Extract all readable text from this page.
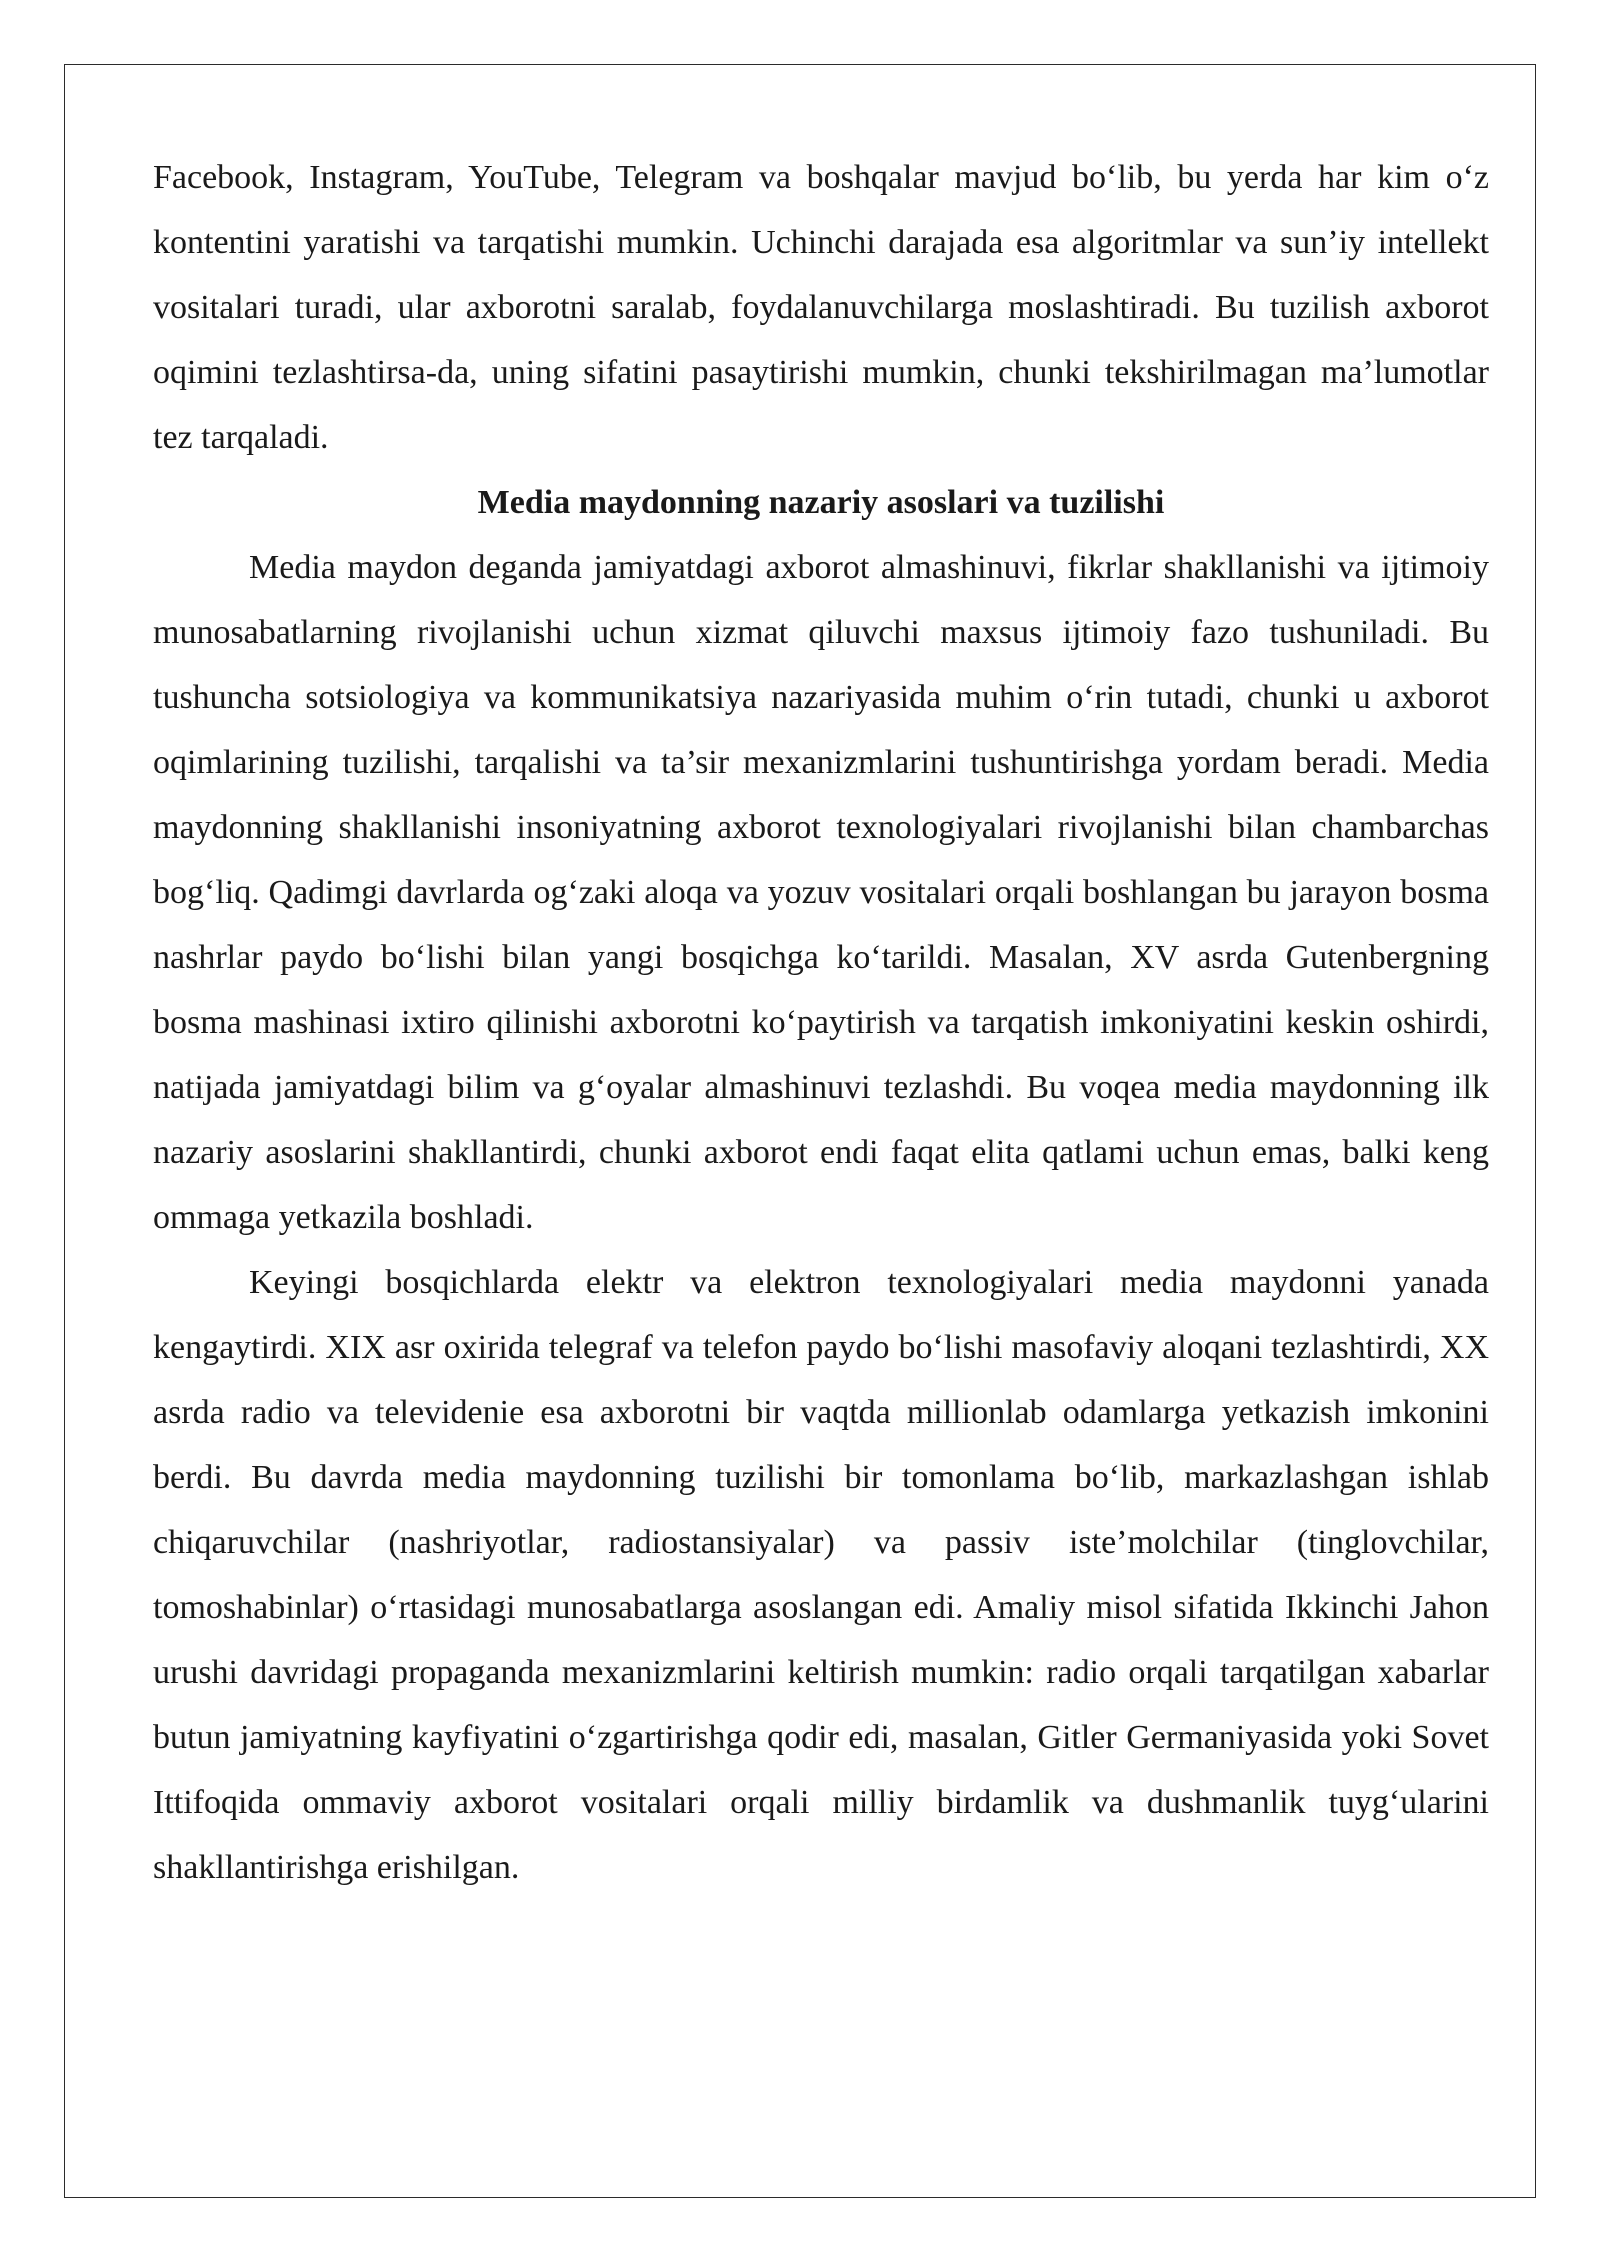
Facebook, Instagram, YouTube, Telegram va boshqalar mavjud bo‘lib, bu yerda har kim o‘z kontentini yaratishi va tarqatishi mumkin. Uchinchi darajada esa algoritmlar va sun’iy intellekt vositalari turadi, ular axborotni saralab, foydalanuvchilarga moslashtiradi. Bu tuzilish axborot oqimini tezlashtirsa-da, uning sifatini pasaytirishi mumkin, chunki tekshirilmagan ma’lumotlar tez tarqaladi.

Media maydonning nazariy asoslari va tuzilishi

Media maydon deganda jamiyatdagi axborot almashinuvi, fikrlar shakllanishi va ijtimoiy munosabatlarning rivojlanishi uchun xizmat qiluvchi maxsus ijtimoiy fazo tushuniladi. Bu tushuncha sotsiologiya va kommunikatsiya nazariyasida muhim o‘rin tutadi, chunki u axborot oqimlarining tuzilishi, tarqalishi va ta’sir mexanizmlarini tushuntirishga yordam beradi. Media maydonning shakllanishi insoniyatning axborot texnologiyalari rivojlanishi bilan chambarchas bog‘liq. Qadimgi davrlarda og‘zaki aloqa va yozuv vositalari orqali boshlangan bu jarayon bosma nashrlar paydo bo‘lishi bilan yangi bosqichga ko‘tarildi. Masalan, XV asrda Gutenbergning bosma mashinasi ixtiro qilinishi axborotni ko‘paytirish va tarqatish imkoniyatini keskin oshirdi, natijada jamiyatdagi bilim va g‘oyalar almashinuvi tezlashdi. Bu voqea media maydonning ilk nazariy asoslarini shakllantirdi, chunki axborot endi faqat elita qatlami uchun emas, balki keng ommaga yetkazila boshladi.

Keyingi bosqichlarda elektr va elektron texnologiyalari media maydonni yanada kengaytirdi. XIX asr oxirida telegraf va telefon paydo bo‘lishi masofaviy aloqani tezlashtirdi, XX asrda radio va televidenie esa axborotni bir vaqtda millionlab odamlarga yetkazish imkonini berdi. Bu davrda media maydonning tuzilishi bir tomonlama bo‘lib, markazlashgan ishlab chiqaruvchilar (nashriyotlar, radiostansiyalar) va passiv iste’molchilar (tinglovchilar, tomoshabinlar) o‘rtasidagi munosabatlarga asoslangan edi. Amaliy misol sifatida Ikkinchi Jahon urushi davridagi propaganda mexanizmlarini keltirish mumkin: radio orqali tarqatilgan xabarlar butun jamiyatning kayfiyatini o‘zgartirishga qodir edi, masalan, Gitler Germaniyasida yoki Sovet Ittifoqida ommaviy axborot vositalari orqali milliy birdamlik va dushmanlik tuyg‘ularini shakllantirishga erishilgan.
